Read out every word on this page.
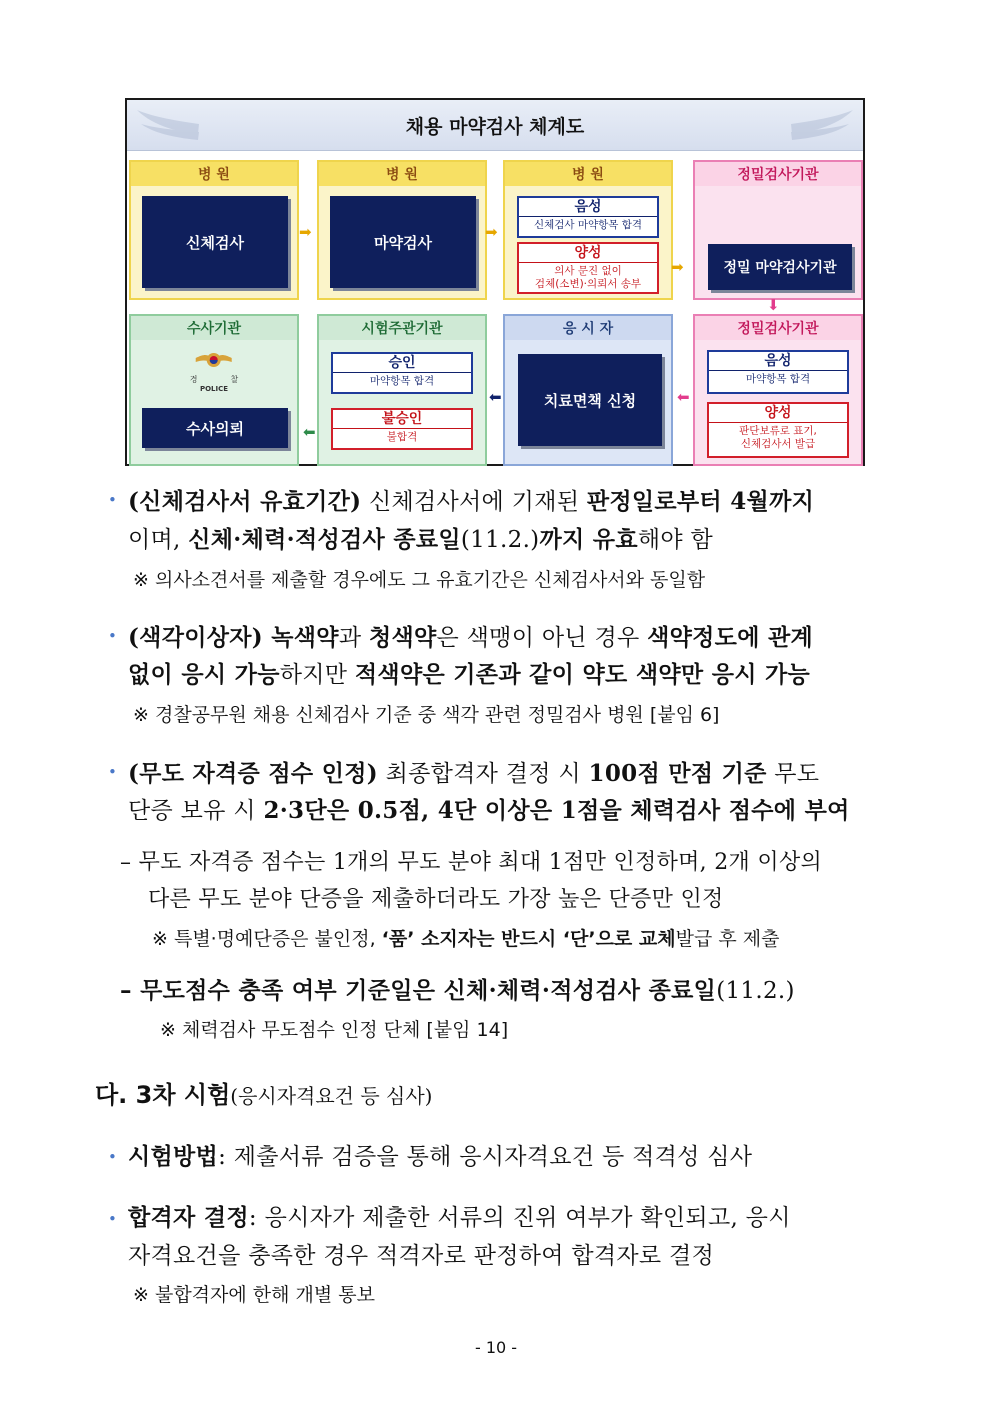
채용 마약검사 체계도
병 원
신체검사
➡
병 원
마약검사
➡
병 원
음성
신체검사 마약항목 합격
양성
의사 문진 없이
검체(소변)·의뢰서 송부
➡
정밀검사기관
정밀 마약검사기관
⬇
수사기관
경	찰
POLICE
수사의뢰	⬅
시험주관기관
승인
마약항목 합격
불승인
불합격
⬅
응 시 자
치료면책 신청	⬅
정밀검사기관
음성
마약항목 합격
양성
판단보류로 표기,
신체검사서 발급
• (신체검사서 유효기간) 신체검사서에 기재된 판정일로부터 4월까지
이며, 신체·체력·적성검사 종료일(11.2.)까지 유효해야 함
※ 의사소견서를 제출할 경우에도 그 유효기간은 신체검사서와 동일함
• (색각이상자) 녹색약과 청색약은 색맹이 아닌 경우 색약정도에 관계
없이 응시 가능하지만 적색약은 기존과 같이 약도 색약만 응시 가능
※ 경찰공무원 채용 신체검사 기준 중 색각 관련 정밀검사 병원 [붙임 6]
• (무도 자격증 점수 인정) 최종합격자 결정 시 100점 만점 기준 무도
단증 보유 시 2·3단은 0.5점, 4단 이상은 1점을 체력검사 점수에 부여
– 무도 자격증 점수는 1개의 무도 분야 최대 1점만 인정하며, 2개 이상의
다른 무도 분야 단증을 제출하더라도 가장 높은 단증만 인정
– 무도점수 충족 여부 기준일은 신체·체력·적성검사 종료일(11.2.)
※ 특별·명예단증은 불인정, ‘품’ 소지자는 반드시 ‘단’으로 교체발급 후 제출
※ 체력검사 무도점수 인정 단체 [붙임 14]
다. 3차 시험(응시자격요건 등 심사)
• 시험방법: 제출서류 검증을 통해 응시자격요건 등 적격성 심사
• 합격자 결정: 응시자가 제출한 서류의 진위 여부가 확인되고, 응시
자격요건을 충족한 경우 적격자로 판정하여 합격자로 결정
※ 불합격자에 한해 개별 통보
- 10 -
